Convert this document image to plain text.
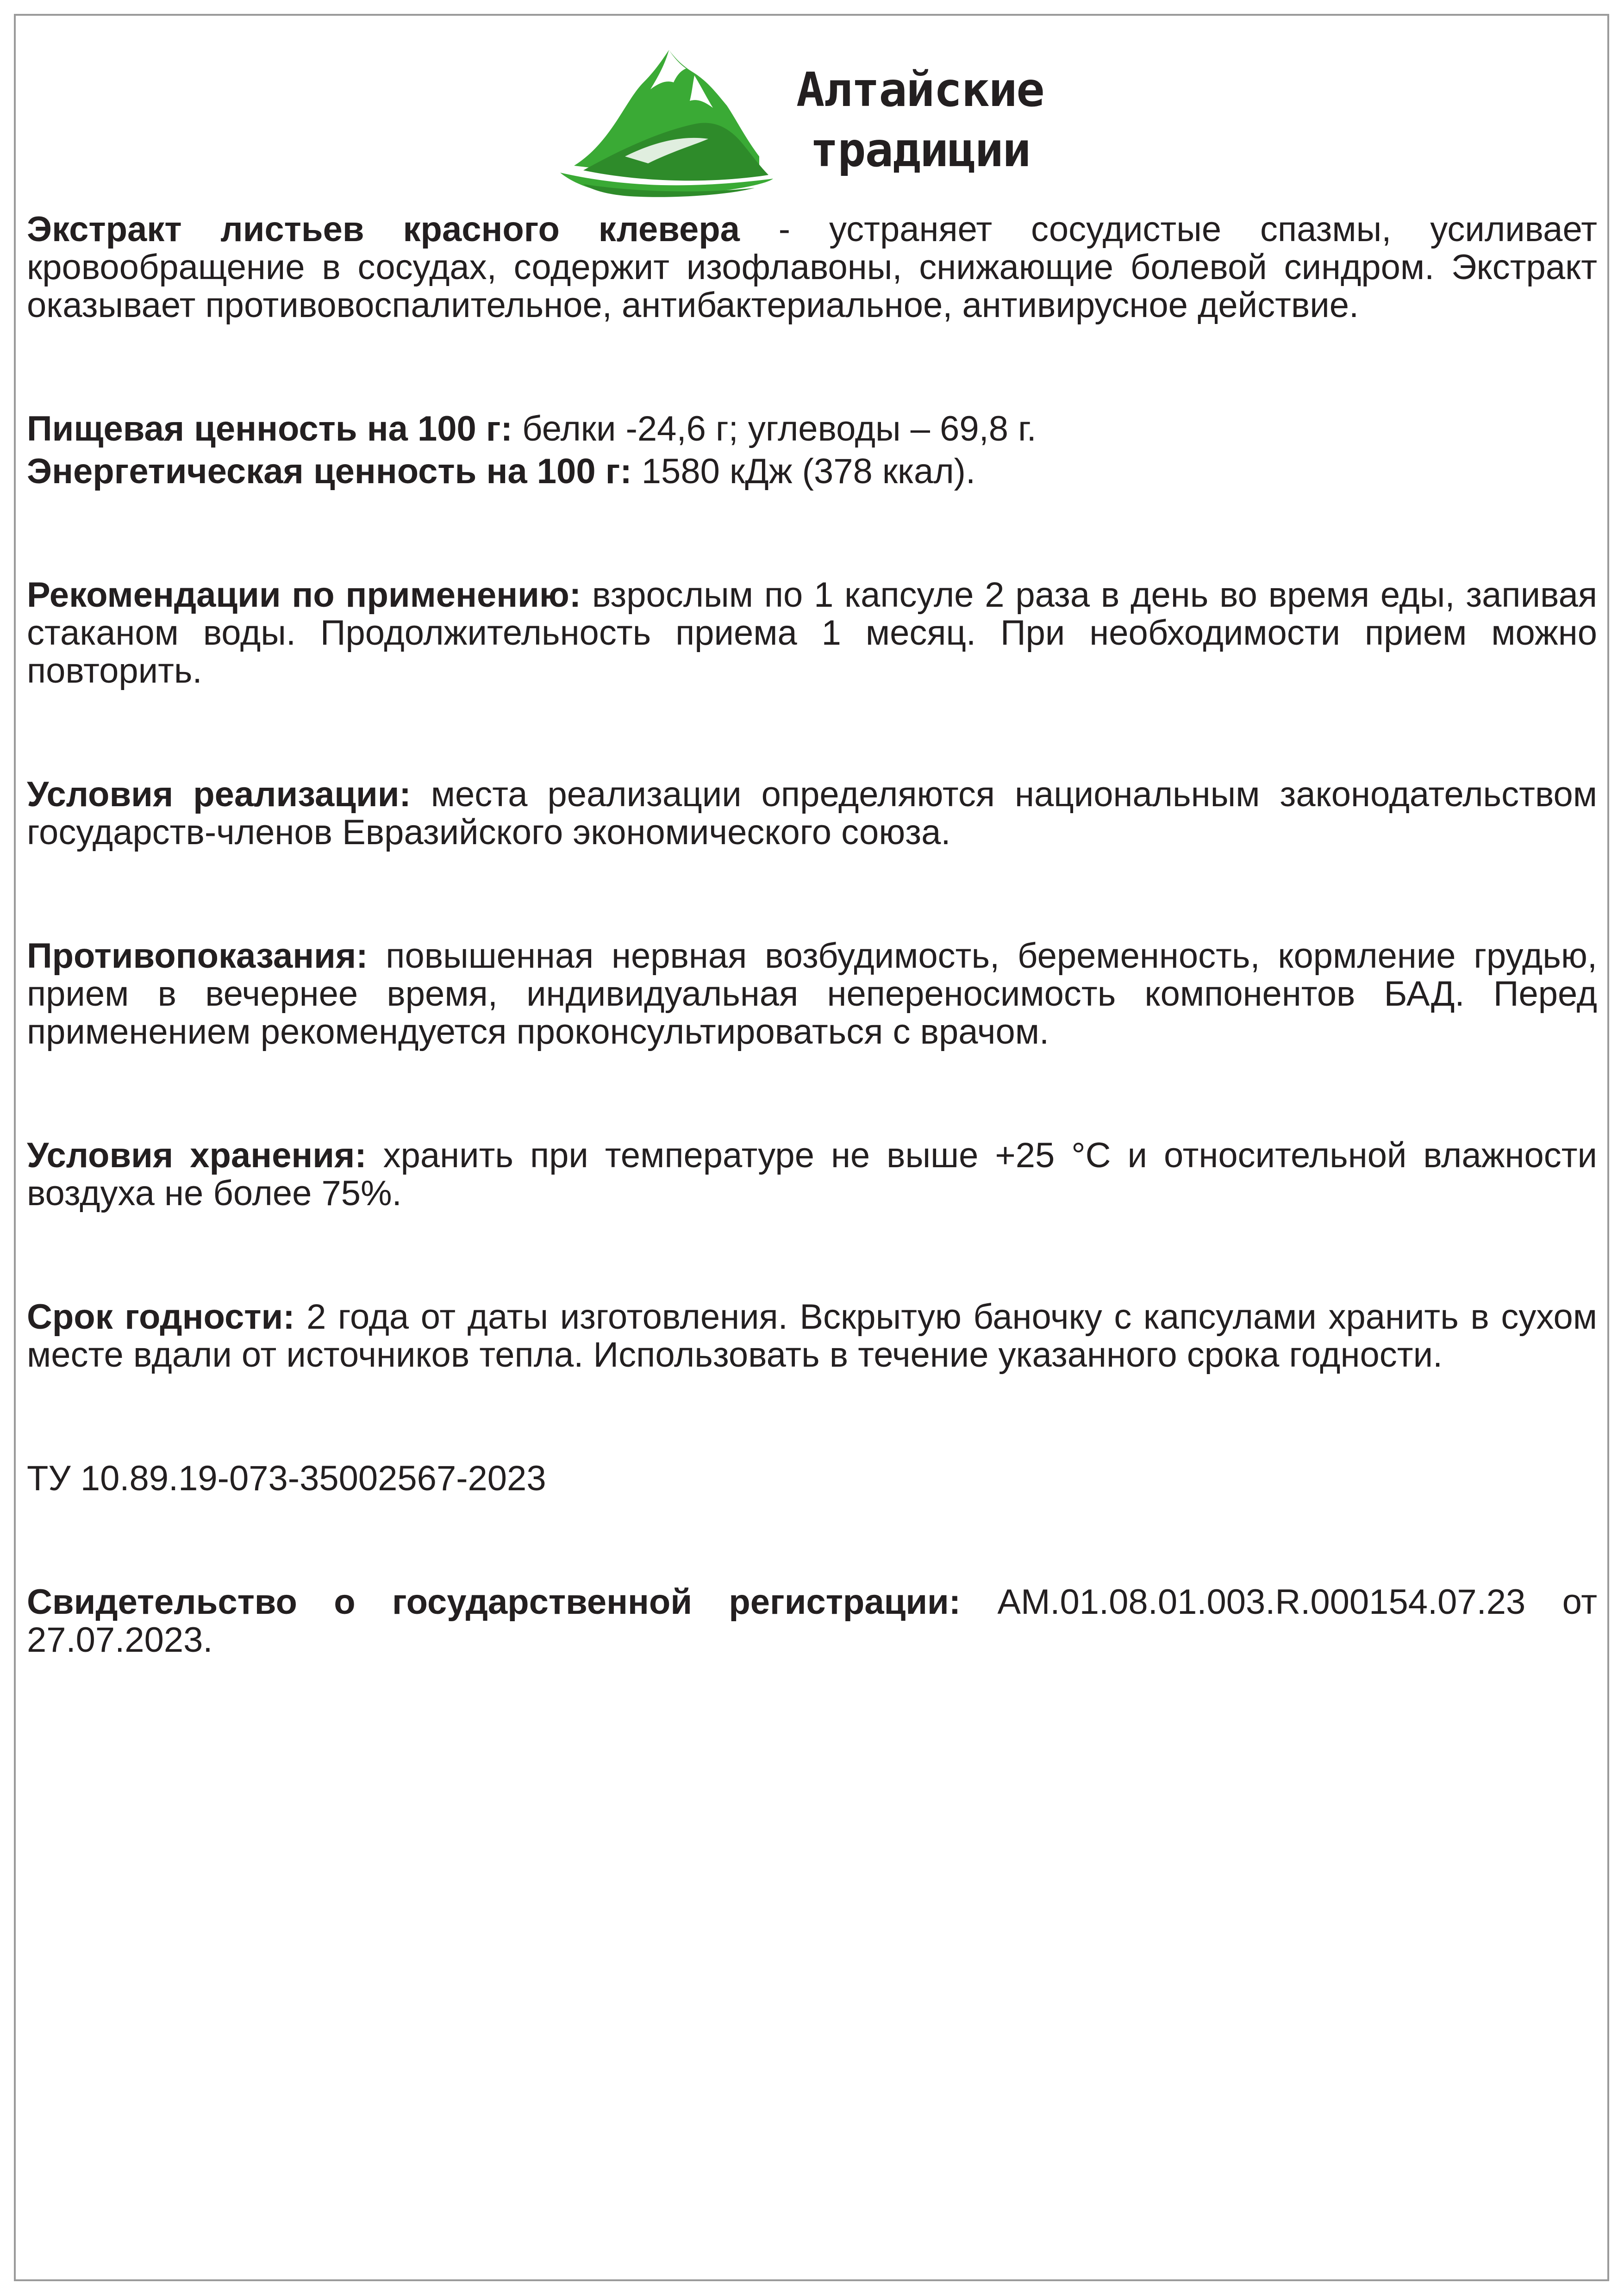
Алтайские
традиции

Экстракт листьев красного клевера - устраняет сосудистые спазмы, усиливает кровообращение в сосудах, содержит изофлавоны, снижающие болевой синдром. Экстракт оказывает противовоспалительное, антибактериальное, антивирусное действие.

Пищевая ценность на 100 г: белки -24,6 г; углеводы – 69,8 г.

Энергетическая ценность на 100 г: 1580 кДж (378 ккал).

Рекомендации по применению: взрослым по 1 капсуле 2 раза в день во время еды, запивая стаканом воды. Продолжительность приема 1 месяц. При необходимости прием можно повторить.

Условия реализации: места реализации определяются национальным законодательством государств-членов Евразийского экономического союза.

Противопоказания: повышенная нервная возбудимость, беременность, кормление грудью, прием в вечернее время, индивидуальная непереносимость компонентов БАД. Перед применением рекомендуется проконсультироваться с врачом.

Условия хранения: хранить при температуре не выше +25 °С и относительной влажности воздуха не более 75%.

Срок годности: 2 года от даты изготовления. Вскрытую баночку с капсулами хранить в сухом месте вдали от источников тепла. Использовать в течение указанного срока годности.

ТУ 10.89.19-073-35002567-2023

Свидетельство о государственной регистрации: AM.01.08.01.003.R.000154.07.23 от 27.07.2023.
